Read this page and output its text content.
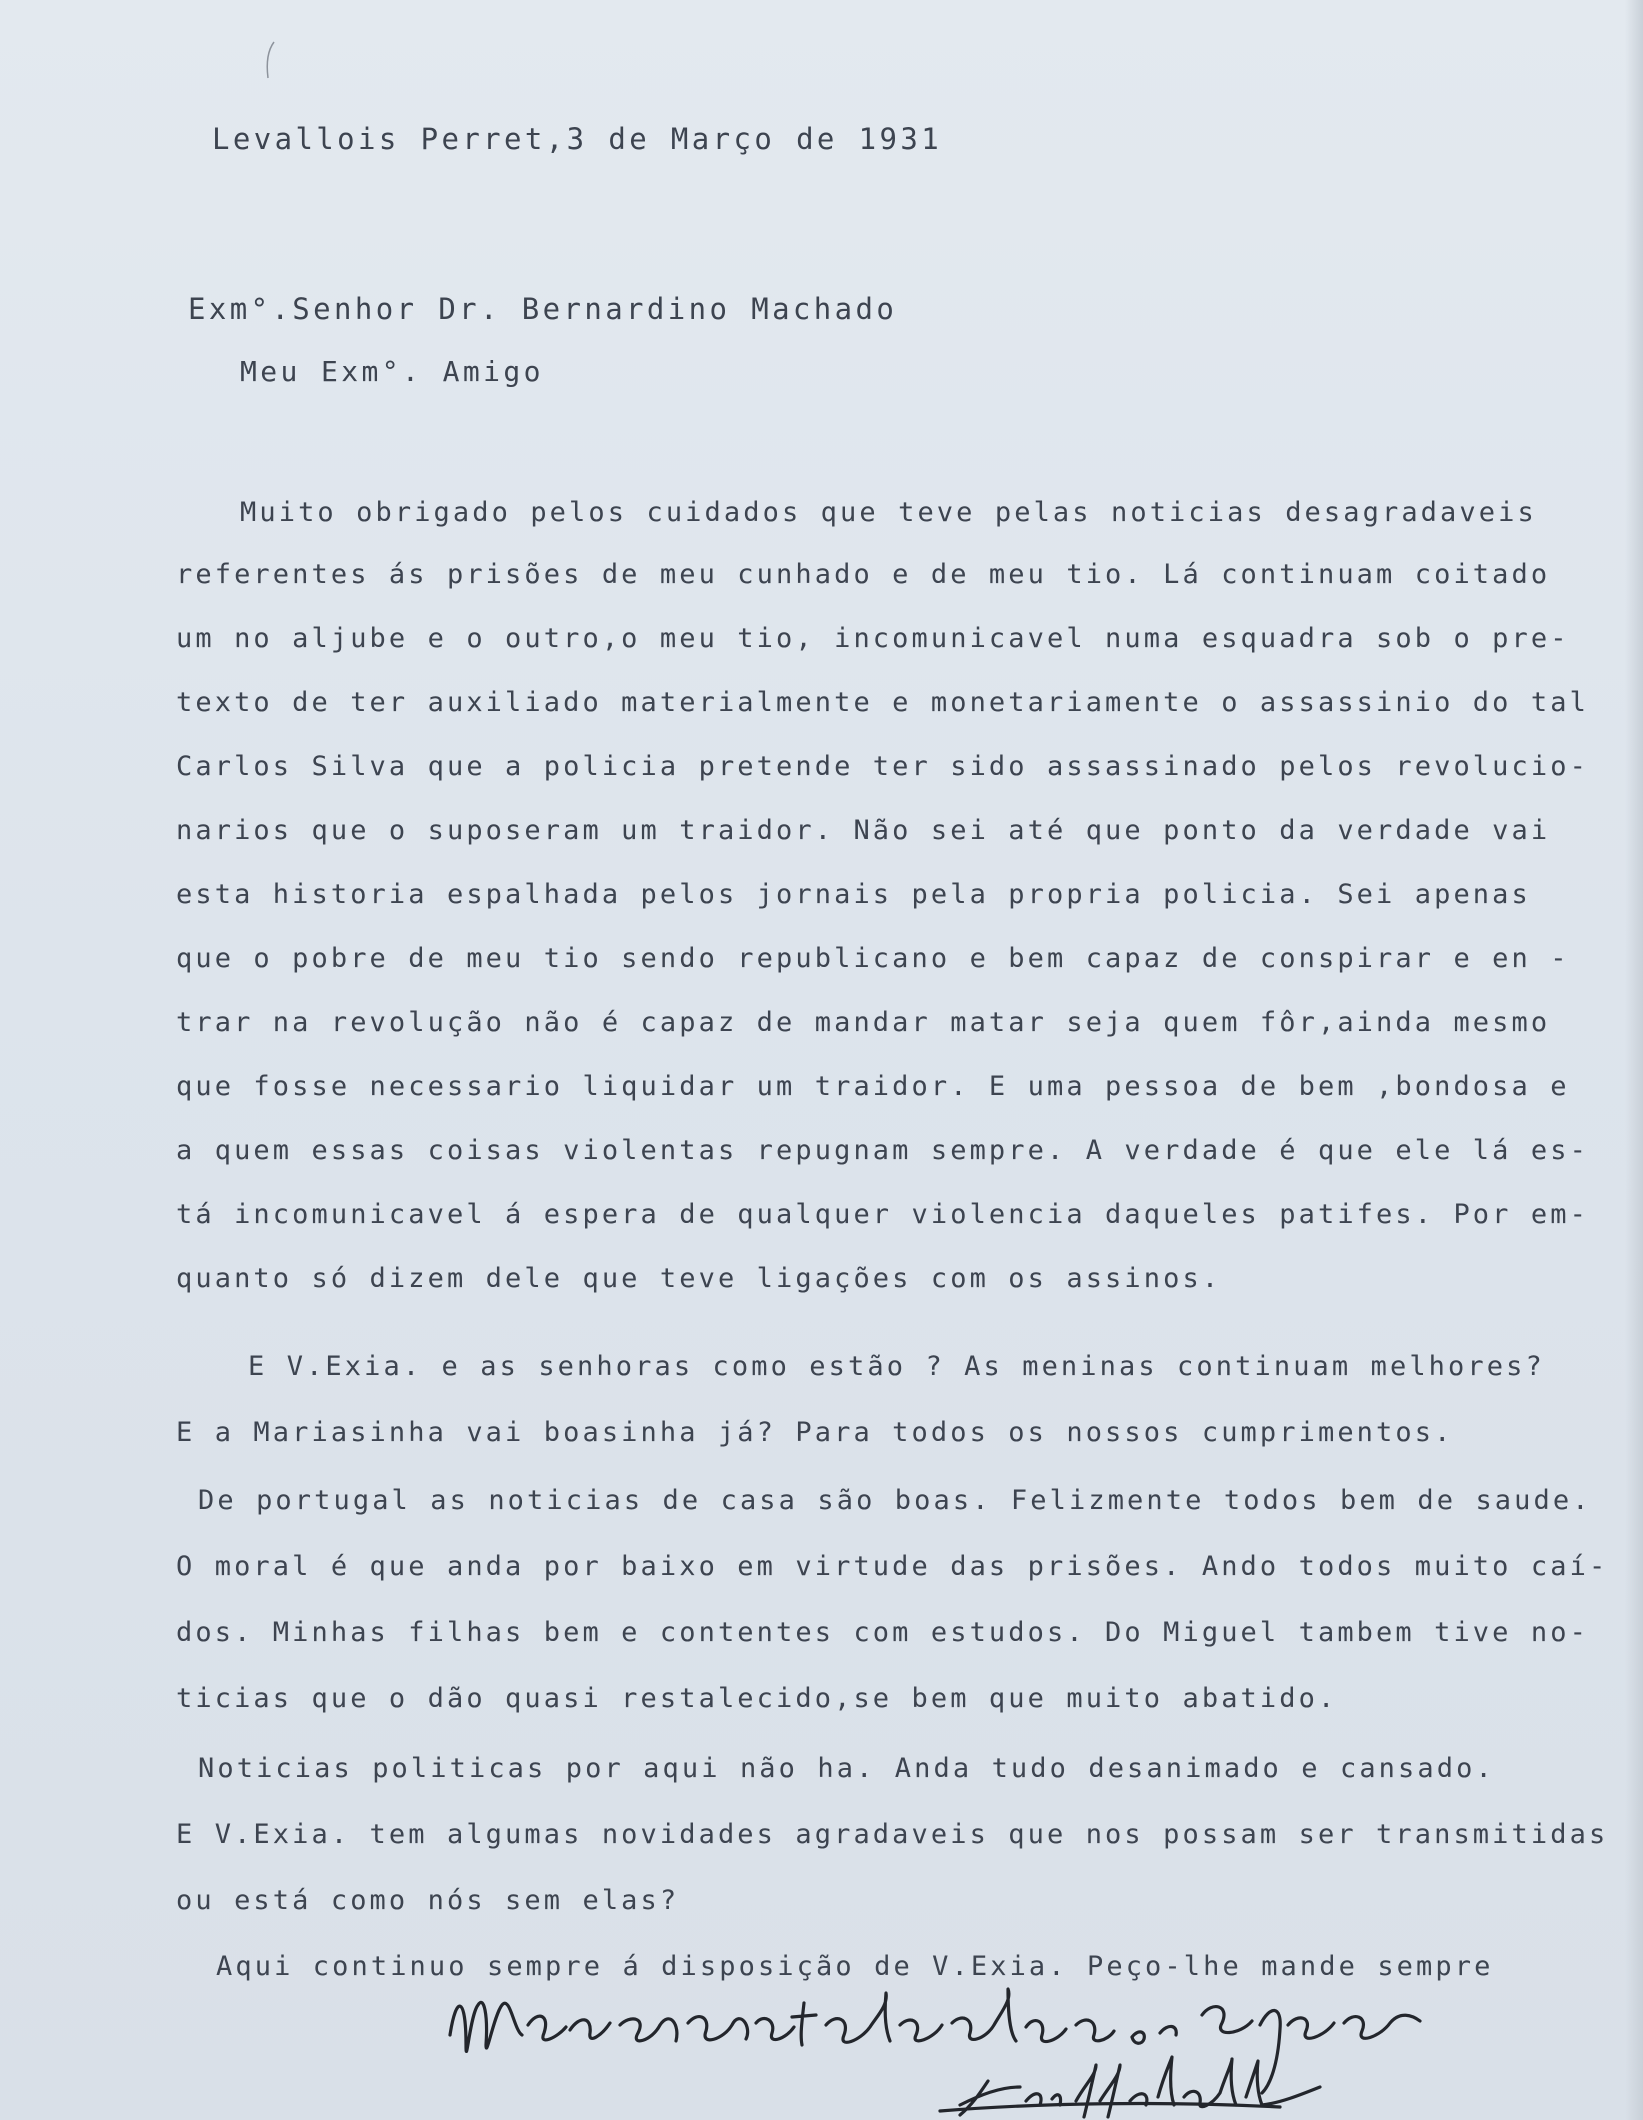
Levallois Perret,3 de Março de 1931
Exm°.Senhor Dr. Bernardino Machado
Meu Exm°. Amigo
Muito obrigado pelos cuidados que teve pelas noticias desagradaveis
referentes ás prisões de meu cunhado e de meu tio. Lá continuam coitado
um no aljube e o outro,o meu tio, incomunicavel numa esquadra sob o pre-
texto de ter auxiliado materialmente e monetariamente o assassinio do tal
Carlos Silva que a policia pretende ter sido assassinado pelos revolucio-
narios que o suposeram um traidor. Não sei até que ponto da verdade vai
esta historia espalhada pelos jornais pela propria policia. Sei apenas
que o pobre de meu tio sendo republicano e bem capaz de conspirar e en -
trar na revolução não é capaz de mandar matar seja quem fôr,ainda mesmo
que fosse necessario liquidar um traidor. E uma pessoa de bem ,bondosa e
a quem essas coisas violentas repugnam sempre. A verdade é que ele lá es-
tá incomunicavel á espera de qualquer violencia daqueles patifes. Por em-
quanto só dizem dele que teve ligações com os assinos.
E V.Exia. e as senhoras como estão ? As meninas continuam melhores?
E a Mariasinha vai boasinha já? Para todos os nossos cumprimentos.
De portugal as noticias de casa são boas. Felizmente todos bem de saude.
O moral é que anda por baixo em virtude das prisões. Ando todos muito caí-
dos. Minhas filhas bem e contentes com estudos. Do Miguel tambem tive no-
ticias que o dão quasi restalecido,se bem que muito abatido.
Noticias politicas por aqui não ha. Anda tudo desanimado e cansado.
E V.Exia. tem algumas novidades agradaveis que nos possam ser transmitidas
ou está como nós sem elas?
Aqui continuo sempre á disposição de V.Exia. Peço-lhe mande sempre
